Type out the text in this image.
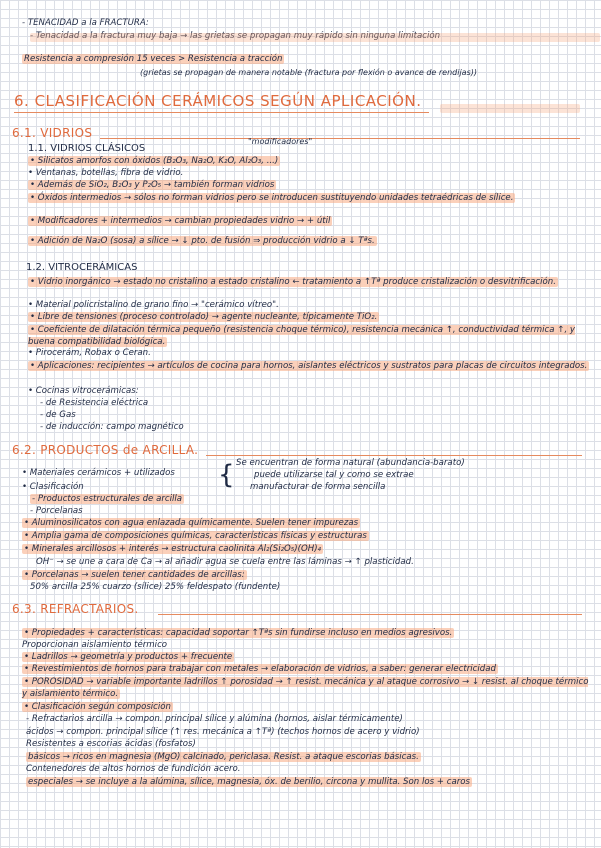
- TENACIDAD a la FRACTURA:
Resistencia a compresión 15 veces > Resistencia a tracción
(grietas se propagan de manera notable (fractura por flexión o avance de rendijas))
6. CLASIFICACIÓN CERÁMICOS SEGÚN APLICACIÓN.
6.1. VIDRIOS
1.1. VIDRIOS CLÁSICOS
"modificadores"
• Silicatos amorfos con óxidos (B₂O₃, Na₂O, K₂O, Al₂O₃, ...)
• Ventanas, botellas, fibra de vidrio.
• Además de SiO₂, B₂O₃ y P₂O₅ → también forman vidrios
• Óxidos intermedios → sólos no forman vidrios pero se introducen sustituyendo unidades tetraédricas de sílice.
• Modificadores + intermedios → cambian propiedades vidrio → + útil
• Adición de Na₂O (sosa) a sílice → ↓ pto. de fusión ⇒ producción vidrio a ↓ Tªs.
1.2. VITROCERÁMICAS
• Vidrio inorgánico → estado no cristalino a estado cristalino ← tratamiento a ↑Tª produce cristalización o desvitrificación.
• Material policristalino de grano fino → "cerámico vítreo".
• Libre de tensiones (proceso controlado) → agente nucleante, típicamente TiO₂.
• Coeficiente de dilatación térmica pequeño (resistencia choque térmico), resistencia mecánica ↑, conductividad térmica ↑, y buena compatibilidad biológica.
• Pirocerám, Robax o Ceran.
• Aplicaciones: recipientes → artículos de cocina para hornos, aislantes eléctricos y sustratos para placas de circuitos integrados.
• Cocinas vitrocerámicas:
- de Resistencia eléctrica
- de Gas
- de inducción: campo magnético
6.2. PRODUCTOS de ARCILLA.
• Materiales cerámicos + utilizados { Se encuentran de forma natural (abundancia-barato)
puede utilizarse tal y como se extrae
manufacturar de forma sencilla
• Clasificación
- Productos estructurales de arcilla
- Porcelanas
• Aluminosilicatos con agua enlazada químicamente. Suelen tener impurezas
• Amplia gama de composiciones químicas, características físicas y estructuras
• Minerales arcillosos + interés → estructura caolinita Al₂(Si₂O₅)(OH)₄
OH⁻ → se une a cara de Ca → al añadir agua se cuela entre las láminas → ↑ plasticidad.
• Porcelanas → suelen tener cantidades de arcillas:
50% arcilla 25% cuarzo (sílice) 25% feldespato (fundente)
6.3. REFRACTARIOS.
• Propiedades + características: capacidad soportar ↑Tªs sin fundirse incluso en medios agresivos.
Proporcionan aislamiento térmico
• Ladrillos → geometría y productos + frecuente
• Revestimientos de hornos para trabajar con metales → elaboración de vidrios, a saber: generar electricidad
• POROSIDAD → variable importante ladrillos ↑ porosidad → ↑ resist. mecánica y al ataque corrosivo → ↓ resist. al choque térmico y aislamiento térmico.
• Clasificación según composición
- Refractarios arcilla → compon. principal sílice y alúmina (hornos, aislar térmicamente)
ácidos → compon. principal sílice (↑ res. mecánica a ↑Tª) (techos hornos de acero y vidrio)
Resistentes a escorias ácidas (fosfatos)
básicos → ricos en magnesia (MgO) calcinado, periclasa. Resist. a ataque escorias básicas.
Contenedores de altos hornos de fundición acero.
especiales → se incluye a la alúmina, sílice, magnesia, óx. de berilio, circona y mullita. Son los + caros
